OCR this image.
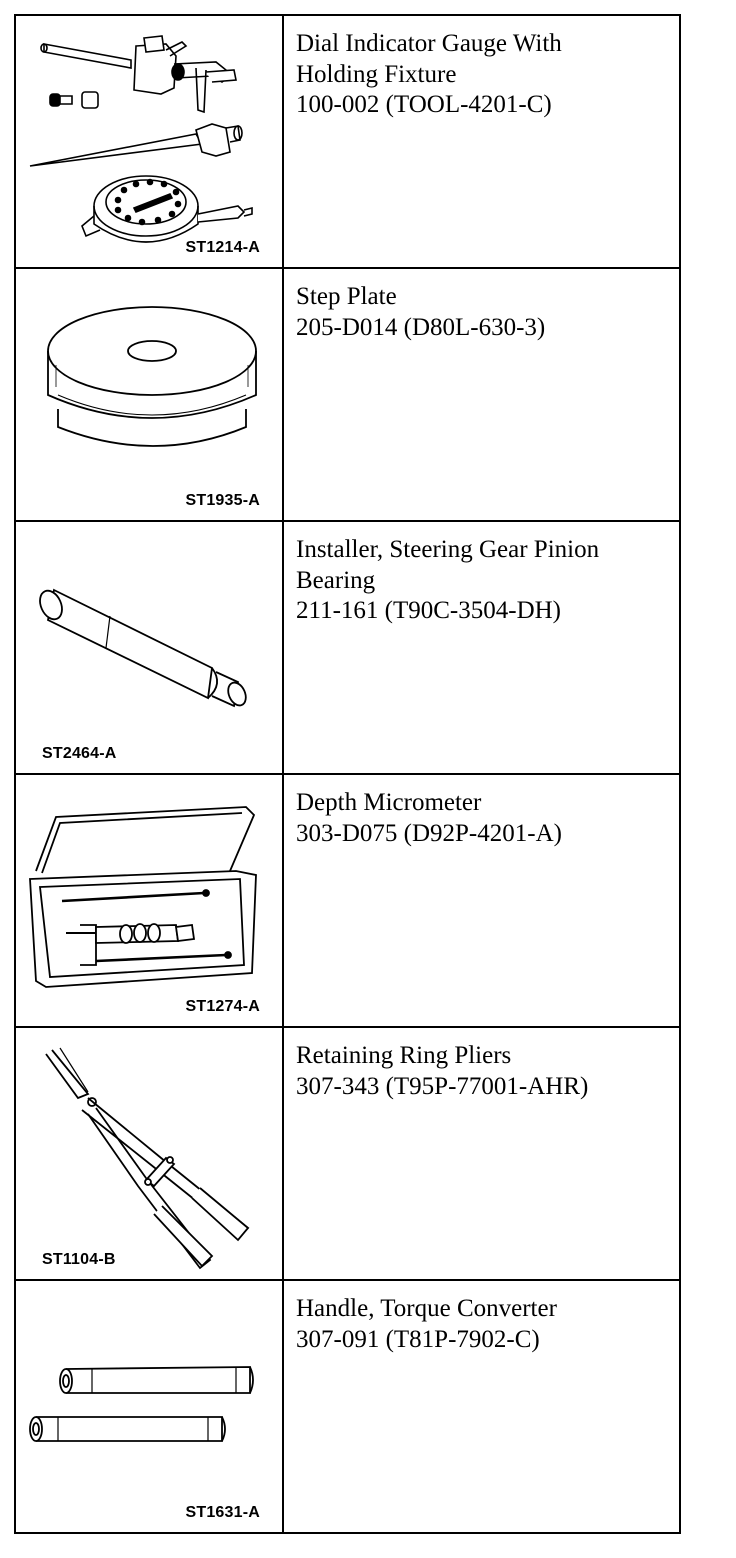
ST1214-A	Dial Indicator Gauge With
Holding Fixture
100-002 (TOOL-4201-C)

ST1935-A	Step Plate
205-D014 (D80L-630-3)

ST2464-A	Installer, Steering Gear Pinion
Bearing
211-161 (T90C-3504-DH)

ST1274-A	Depth Micrometer
303-D075 (D92P-4201-A)

ST1104-B	Retaining Ring Pliers
307-343 (T95P-77001-AHR)

ST1631-A	Handle, Torque Converter
307-091 (T81P-7902-C)
